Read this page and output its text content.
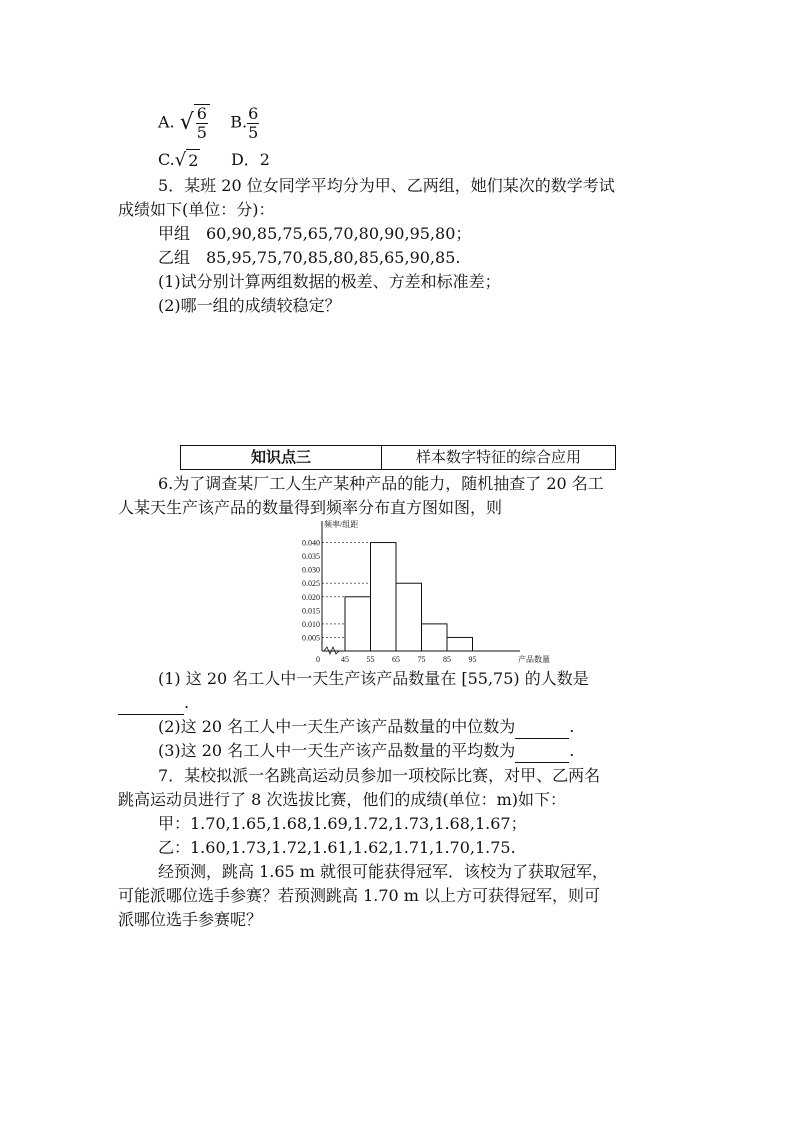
A. √ $\frac{6}{5} B$. $\frac{6}{5}$
C.√ 2 D．2
5．某班 20 位女同学平均分为甲、乙两组，她们某次的数学考试
成绩如下(单位：分)：
甲组　60,90,85,75,65,70,80,90,95,80；
乙组　85,95,75,70,85,80,85,65,90,85.
(1)试分别计算两组数据的极差、方差和标准差；
(2)哪一组的成绩较稳定？
知识点三	样本数字特征的综合应用
6.为了调查某厂工人生产某种产品的能力，随机抽查了 20 名工
人某天生产该产品的数量得到频率分布直方图如图，则
频率/组距
产品数量
0.005
0.010
0.015
0.020
0.025
0.030
0.035
0.040
0	45 55 65 75 85 95
(1) 这 20 名工人中一天生产该产品数量在 [55,75) 的人数是
.
(2)这 20 名工人中一天生产该产品数量的中位数为	.
(3)这 20 名工人中一天生产该产品数量的平均数为	.
7．某校拟派一名跳高运动员参加一项校际比赛，对甲、乙两名
跳高运动员进行了 8 次选拔比赛，他们的成绩(单位：m)如下：
甲：1.70,1.65,1.68,1.69,1.72,1.73,1.68,1.67；
乙：1.60,1.73,1.72,1.61,1.62,1.71,1.70,1.75.
经预测，跳高 1.65 m 就很可能获得冠军．该校为了获取冠军，
可能派哪位选手参赛？若预测跳高 1.70 m 以上方可获得冠军，则可
派哪位选手参赛呢？
